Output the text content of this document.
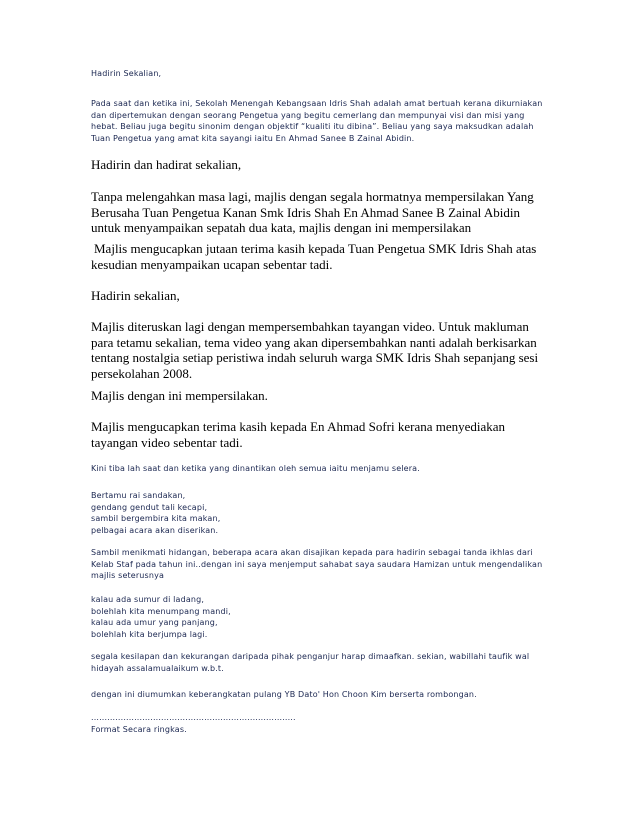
Hadirin Sekalian,

Pada saat dan ketika ini, Sekolah Menengah Kebangsaan Idris Shah adalah amat bertuah kerana dikurniakan dan dipertemukan dengan seorang Pengetua yang begitu cemerlang dan mempunyai visi dan misi yang hebat. Beliau juga begitu sinonim dengan objektif “kualiti itu dibina”. Beliau yang saya maksudkan adalah Tuan Pengetua yang amat kita sayangi iaitu En Ahmad Sanee B Zainal Abidin.

Hadirin dan hadirat sekalian,

Tanpa melengahkan masa lagi, majlis dengan segala hormatnya mempersilakan Yang Berusaha Tuan Pengetua Kanan Smk Idris Shah En Ahmad Sanee B Zainal Abidin untuk menyampaikan sepatah dua kata, majlis dengan ini mempersilakan

Majlis mengucapkan jutaan terima kasih kepada Tuan Pengetua SMK Idris Shah atas kesudian menyampaikan ucapan sebentar tadi.

Hadirin sekalian,

Majlis diteruskan lagi dengan mempersembahkan tayangan video. Untuk makluman para tetamu sekalian, tema video yang akan dipersembahkan nanti adalah berkisarkan tentang nostalgia setiap peristiwa indah seluruh warga SMK Idris Shah sepanjang sesi persekolahan 2008.

Majlis dengan ini mempersilakan.

Majlis mengucapkan terima kasih kepada En Ahmad Sofri kerana menyediakan tayangan video sebentar tadi.

Kini tiba lah saat dan ketika yang dinantikan oleh semua iaitu menjamu selera.

Bertamu rai sandakan,
gendang gendut tali kecapi,
sambil bergembira kita makan,
pelbagai acara akan diserikan.

Sambil menikmati hidangan, beberapa acara akan disajikan kepada para hadirin sebagai tanda ikhlas dari Kelab Staf pada tahun ini..dengan ini saya menjemput sahabat saya saudara Hamizan untuk mengendalikan majlis seterusnya

kalau ada sumur di ladang,
bolehlah kita menumpang mandi,
kalau ada umur yang panjang,
bolehlah kita berjumpa lagi.

segala kesilapan dan kekurangan daripada pihak penganjur harap dimaafkan. sekian, wabillahi taufik wal hidayah assalamualaikum w.b.t.

dengan ini diumumkan keberangkatan pulang YB Dato' Hon Choon Kim berserta rombongan.

............................................................................

Format Secara ringkas.
